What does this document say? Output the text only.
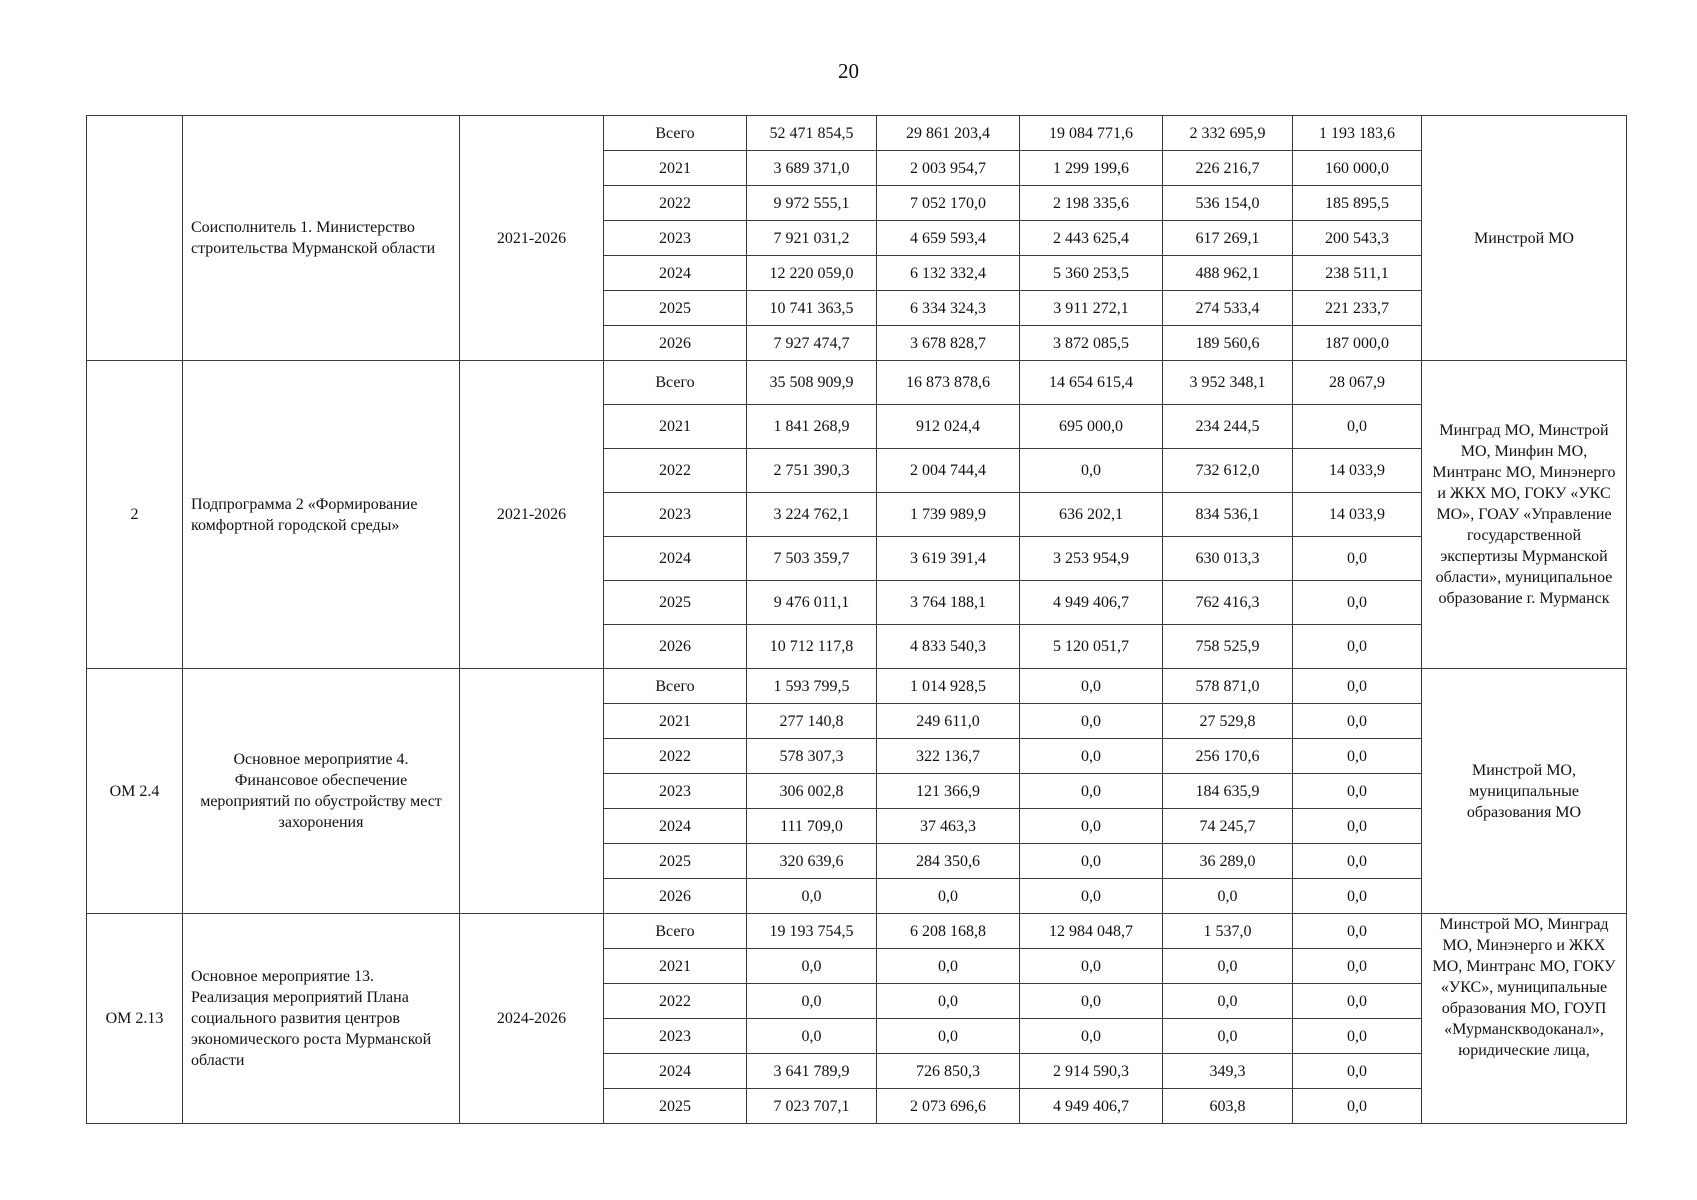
20
	Соисполнитель 1. Министерство строительства Мурманской области	2021-2026	Всего	52 471 854,5	29 861 203,4	19 084 771,6	2 332 695,9	1 193 183,6	Минстрой МО
			2021	3 689 371,0	2 003 954,7	1 299 199,6	226 216,7	160 000,0	
			2022	9 972 555,1	7 052 170,0	2 198 335,6	536 154,0	185 895,5	
			2023	7 921 031,2	4 659 593,4	2 443 625,4	617 269,1	200 543,3	
			2024	12 220 059,0	6 132 332,4	5 360 253,5	488 962,1	238 511,1	
			2025	10 741 363,5	6 334 324,3	3 911 272,1	274 533,4	221 233,7	
			2026	7 927 474,7	3 678 828,7	3 872 085,5	189 560,6	187 000,0	
2	Подпрограмма 2 «Формирование комфортной городской среды»	2021-2026	Всего	35 508 909,9	16 873 878,6	14 654 615,4	3 952 348,1	28 067,9	Минград МО, Минстрой МО, Минфин МО, Минтранс МО, Минэнерго и ЖКХ МО, ГОКУ «УКС МО», ГОАУ «Управление государственной экспертизы Мурманской области», муниципальное образование г. Мурманск
			2021	1 841 268,9	912 024,4	695 000,0	234 244,5	0,0	
			2022	2 751 390,3	2 004 744,4	0,0	732 612,0	14 033,9	
			2023	3 224 762,1	1 739 989,9	636 202,1	834 536,1	14 033,9	
			2024	7 503 359,7	3 619 391,4	3 253 954,9	630 013,3	0,0	
			2025	9 476 011,1	3 764 188,1	4 949 406,7	762 416,3	0,0	
			2026	10 712 117,8	4 833 540,3	5 120 051,7	758 525,9	0,0	
ОМ 2.4	Основное мероприятие 4. Финансовое обеспечение мероприятий по обустройству мест захоронения		Всего	1 593 799,5	1 014 928,5	0,0	578 871,0	0,0	Минстрой МО, муниципальные образования МО
			2021	277 140,8	249 611,0	0,0	27 529,8	0,0	
			2022	578 307,3	322 136,7	0,0	256 170,6	0,0	
			2023	306 002,8	121 366,9	0,0	184 635,9	0,0	
			2024	111 709,0	37 463,3	0,0	74 245,7	0,0	
			2025	320 639,6	284 350,6	0,0	36 289,0	0,0	
			2026	0,0	0,0	0,0	0,0	0,0	
ОМ 2.13	Основное мероприятие 13. Реализация мероприятий Плана социального развития центров экономического роста Мурманской области	2024-2026	Всего	19 193 754,5	6 208 168,8	12 984 048,7	1 537,0	0,0	Минстрой МО, Минград МО, Минэнерго и ЖКХ МО, Минтранс МО, ГОКУ «УКС», муниципальные образования МО, ГОУП «Мурманскводоканал», юридические лица,
			2021	0,0	0,0	0,0	0,0	0,0	
			2022	0,0	0,0	0,0	0,0	0,0	
			2023	0,0	0,0	0,0	0,0	0,0	
			2024	3 641 789,9	726 850,3	2 914 590,3	349,3	0,0	
			2025	7 023 707,1	2 073 696,6	4 949 406,7	603,8	0,0	
